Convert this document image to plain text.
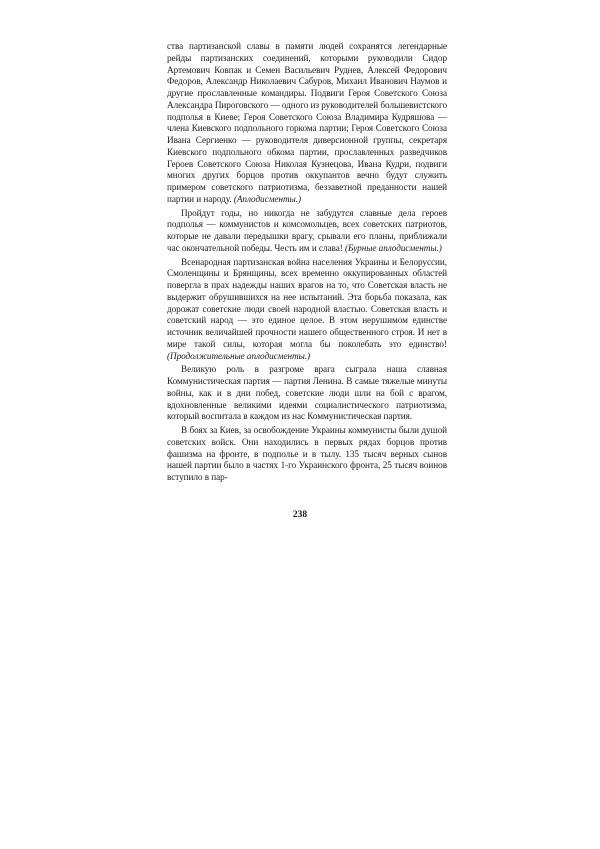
ства партизанской славы в памяти людей сохранятся легендарные рейды партизанских соединений, которыми руководили Сидор Артемович Ковпак и Семен Васильевич Руднев, Алексей Федорович Федоров, Александр Николаевич Сабуров, Михаил Иванович Наумов и другие прославленные командиры. Подвиги Героя Советского Союза Александра Пироговского — одного из руководителей большевистского подполья в Киеве; Героя Советского Союза Владимира Кудряшова — члена Киевского подпольного горкома партии; Героя Советского Союза Ивана Сергиенко — руководителя диверсионной группы, секретаря Киевского подпольного обкома партии, прославленных разведчиков Героев Советского Союза Николая Кузнецова, Ивана Кудри, подвиги многих других борцов против оккупантов вечно будут служить примером советского патриотизма, беззаветной преданности нашей партии и народу. (Аплодисменты.)

Пройдут годы, но никогда не забудутся славные дела героев подполья — коммунистов и комсомольцев, всех советских патриотов, которые не давали передышки врагу, срывали его планы, приближали час окончательной победы. Честь им и слава! (Бурные аплодисменты.)

Всенародная партизанская война населения Украины и Белоруссии, Смоленщины и Брянщины, всех временно оккупированных областей повергла в прах надежды наших врагов на то, что Советская власть не выдержит обрушившихся на нее испытаний. Эта борьба показала, как дорожат советские люди своей народной властью. Советская власть и советский народ — это единое целое. В этом нерушимом единстве источник величайшей прочности нашего общественного строя. И нет в мире такой силы, которая могла бы поколебать это единство! (Продолжительные аплодисменты.)

Великую роль в разгроме врага сыграла наша славная Коммунистическая партия — партия Ленина. В самые тяжелые минуты войны, как и в дни побед, советские люди шли на бой с врагом, вдохновленные великими идеями социалистического патриотизма, который воспитала в каждом из нас Коммунистическая партия.

В боях за Киев, за освобождение Украины коммунисты были душой советских войск. Они находились в первых рядах борцов против фашизма на фронте, в подполье и в тылу. 135 тысяч верных сынов нашей партии было в частях 1-го Украинского фронта, 25 тысяч воинов вступило в пар-

238
